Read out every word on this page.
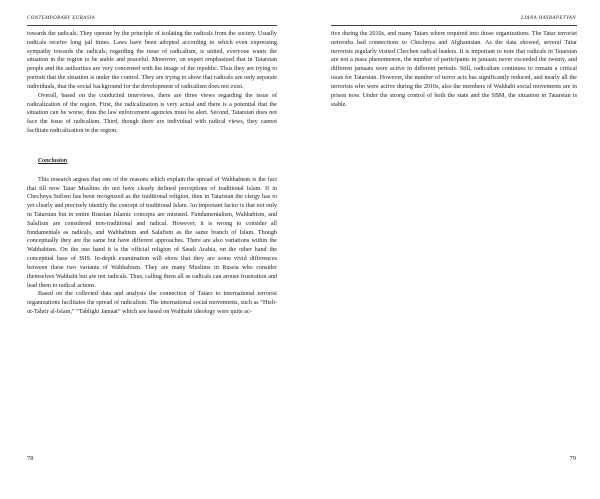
CONTEMPORARY EURASIA

towards the radicals. They operate by the principle of isolating the radicals from the society. Usually radicals receive long jail times. Laws have been adopted according to which even expressing sympathy towards the radicals, regarding the issue of radicalism, is united, everyone wants the situation in the region to be stable and peaceful. Moreover, on expert emphasized that in Tatarstan people and the authorities are very concerned with the image of the republic. Thus they are trying to portrait that the situation is under the control. They are trying to show that radicals are only separate individuals, that the social background for the development of radicalism does not exist.

Overall, based on the conducted interviews, there are three views regarding the issue of radicalization of the region. First, the radicalization is very actual and there is a potential that the situation can be worse, thus the law enforcement agencies must be alert. Second, Tatarstan does not face the issue of radicalism. Third, though there are individual with radical views, they cannot facilitate radicalization in the region.

Conclusion

This research argues that one of the reasons which explain the spread of Wahhabism is the fact that till now Tatar Muslims do not have clearly defined perceptions of traditional Islam. If in Chechnya Sufism has been recognized as the traditional religion, then in Tatarstan the clergy has to yet clearly and precisely identify the concept of traditional Islam. An important factor is that not only in Tatarstan but in entire Russian Islamic concepts are misused. Fundamentalism, Wahhabism, and Salafism are considered non-traditional and radical. However, it is wrong to consider all fundamentals as radicals, and Wahhabism and Salafism as the same branch of Islam. Though conceptually they are the same but have different approaches. There are also variations within the Wahhabism. On the one hand it is the official religion of Saudi Arabia, on the other hand the conceptual base of ISIS. In-depth examination will show that they are some vivid differences between these two variants of Wahhabism. They are many Muslims in Russia who consider themselves Wahhabi but are not radicals. Thus, calling them all as radicals can arouse frustration and lead them to radical actions.

Based on the collected data and analysis the connection of Tatars to international terrorist organizations facilitates the spread of radicalism. The international social movements, such as “Hizb-ut-Tahrir al-Islam,” “Tablighi Jamaat” which are based on Wahhabi ideology were quite ac-

78
LIANA HAYRAPETYAN

tive during the 2010s, and many Tatars where required into those organizations. The Tatar terrorist networks had connections to Chechnya and Afghanistan. As the data showed, several Tatar terrorists regularly visited Chechen radical leaders. It is important to note that radicals in Tatarstan are not a mass phenomenon, the number of participants in jamaats never exceeded the twenty, and different jamaats were active in different periods. Still, radicalism continues to remain a critical issue for Tatarstan. However, the number of terror acts has significantly reduced, and nearly all the terrorists who were active during the 2010s, also the members of Wahhabi social movements are in prison now. Under the strong control of both the state and the SBM, the situation in Tatarstan is stable.

79
